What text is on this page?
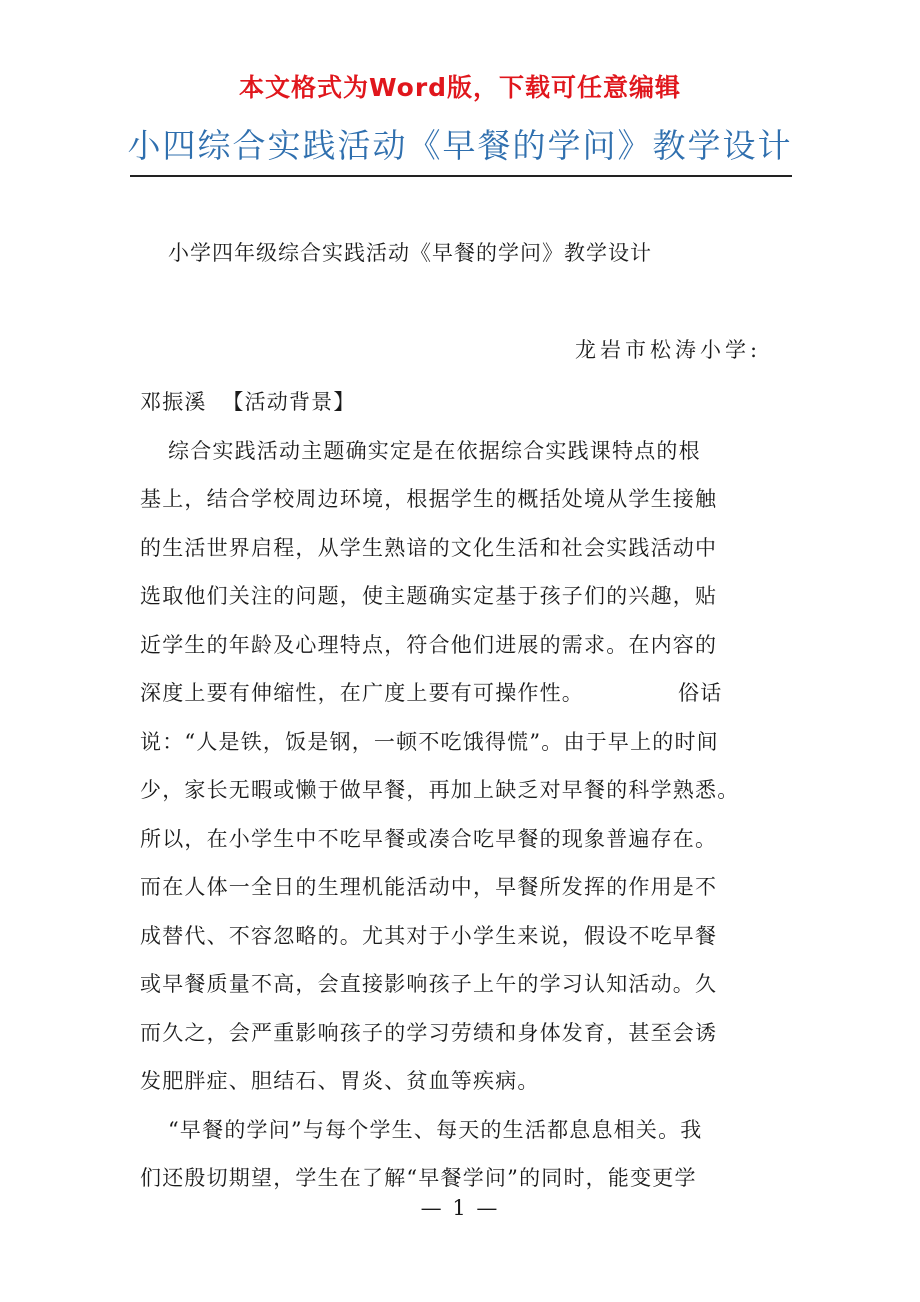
本文格式为Word版，下载可任意编辑
小四综合实践活动《早餐的学问》教学设计
小学四年级综合实践活动《早餐的学问》教学设计
龙岩市松涛小学:
邓振溪 【活动背景】
综合实践活动主题确实定是在依据综合实践课特点的根
基上，结合学校周边环境，根据学生的概括处境从学生接触
的生活世界启程，从学生熟谙的文化生活和社会实践活动中
选取他们关注的问题，使主题确实定基于孩子们的兴趣，贴
近学生的年龄及心理特点，符合他们进展的需求。在内容的
深度上要有伸缩性，在广度上要有可操作性。	俗话
说：“人是铁，饭是钢，一顿不吃饿得慌”。由于早上的时间
少，家长无暇或懒于做早餐，再加上缺乏对早餐的科学熟悉。
所以，在小学生中不吃早餐或凑合吃早餐的现象普遍存在。
而在人体一全日的生理机能活动中，早餐所发挥的作用是不
成替代、不容忽略的。尤其对于小学生来说，假设不吃早餐
或早餐质量不高，会直接影响孩子上午的学习认知活动。久
而久之，会严重影响孩子的学习劳绩和身体发育，甚至会诱
发肥胖症、胆结石、胃炎、贫血等疾病。
“早餐的学问”与每个学生、每天的生活都息息相关。我
们还殷切期望，学生在了解“早餐学问”的同时，能变更学
— 1 —
